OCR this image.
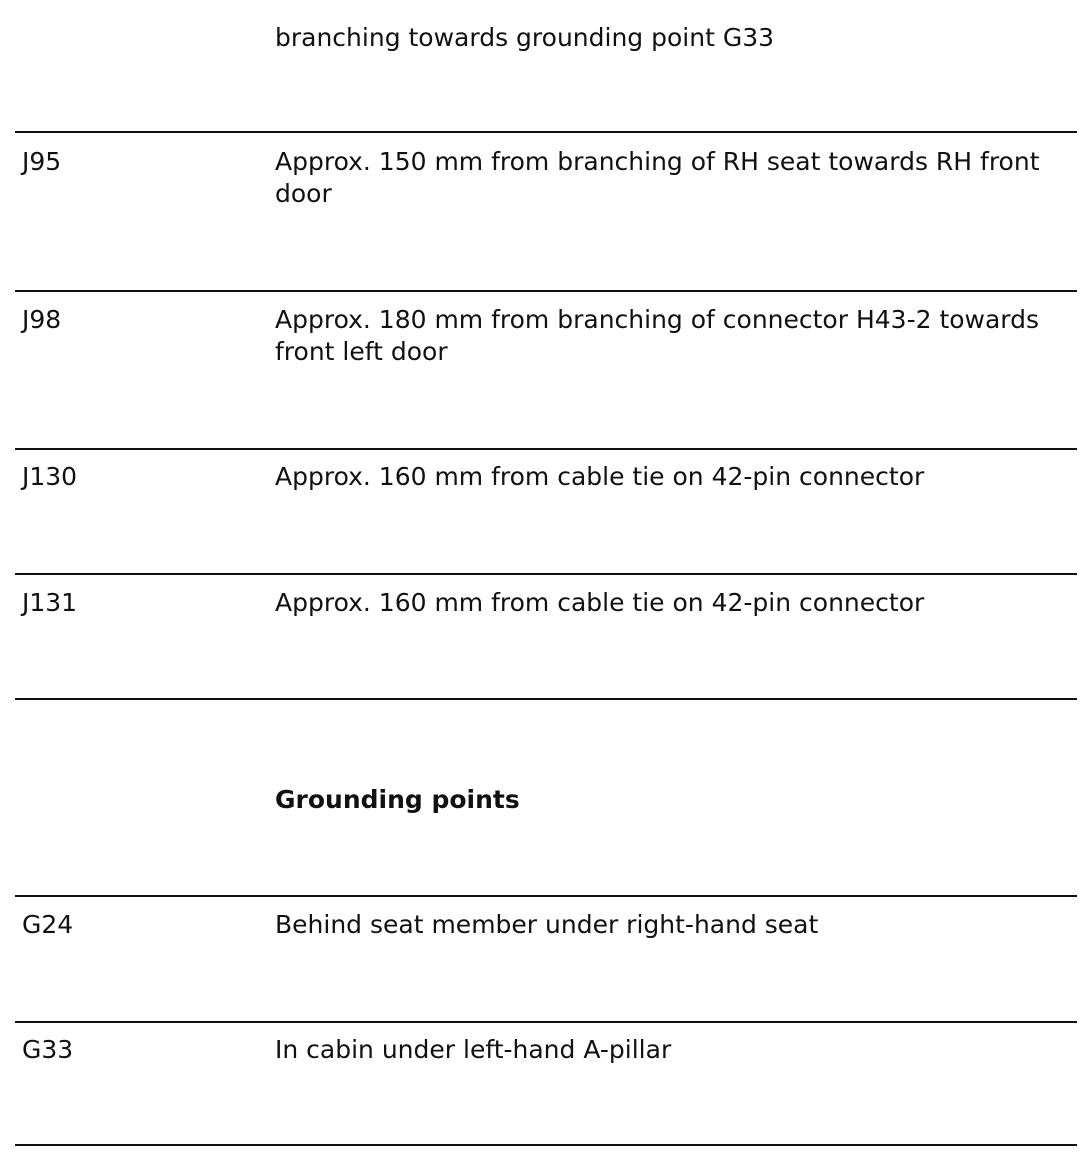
branching towards grounding point G33
J95	Approx. 150 mm from branching of RH seat towards RH front door
J98	Approx. 180 mm from branching of connector H43-2 towards front left door
J130	Approx. 160 mm from cable tie on 42-pin connector
J131	Approx. 160 mm from cable tie on 42-pin connector
Grounding points
G24	Behind seat member under right-hand seat
G33	In cabin under left-hand A-pillar
